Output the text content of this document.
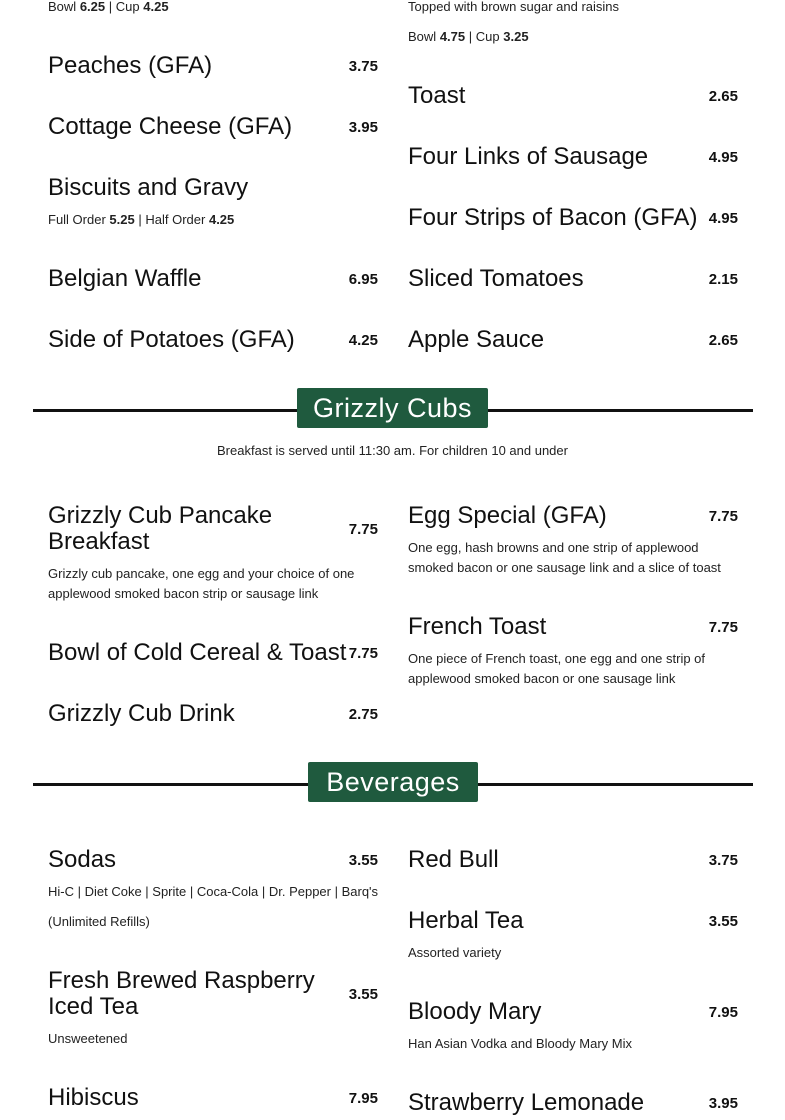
Bowl 6.25 | Cup 4.25
Peaches (GFA)	3.75
Cottage Cheese (GFA)	3.95
Biscuits and Gravy
Full Order 5.25 | Half Order 4.25
Belgian Waffle	6.95
Side of Potatoes (GFA)	4.25
Topped with brown sugar and raisins
Bowl 4.75 | Cup 3.25
Toast	2.65
Four Links of Sausage	4.95
Four Strips of Bacon (GFA) 4.95
Sliced Tomatoes	2.15
Apple Sauce	2.65
Grizzly Cubs
Breakfast is served until 11:30 am. For children 10 and under
Grizzly Cub Pancake Breakfast	7.75
Grizzly cub pancake, one egg and your choice of one applewood smoked bacon strip or sausage link
Bowl of Cold Cereal & Toast 7.75
Grizzly Cub Drink	2.75
Egg Special (GFA)	7.75
One egg, hash browns and one strip of applewood smoked bacon or one sausage link and a slice of toast
French Toast	7.75
One piece of French toast, one egg and one strip of applewood smoked bacon or one sausage link
Beverages
Sodas	3.55
Hi-C | Diet Coke | Sprite | Coca-Cola | Dr. Pepper | Barq's
(Unlimited Refills)
Fresh Brewed Raspberry Iced Tea	3.55
Unsweetened
Hibiscus	7.95
Red Bull	3.75
Herbal Tea	3.55
Assorted variety
Bloody Mary	7.95
Han Asian Vodka and Bloody Mary Mix
Strawberry Lemonade	3.95
